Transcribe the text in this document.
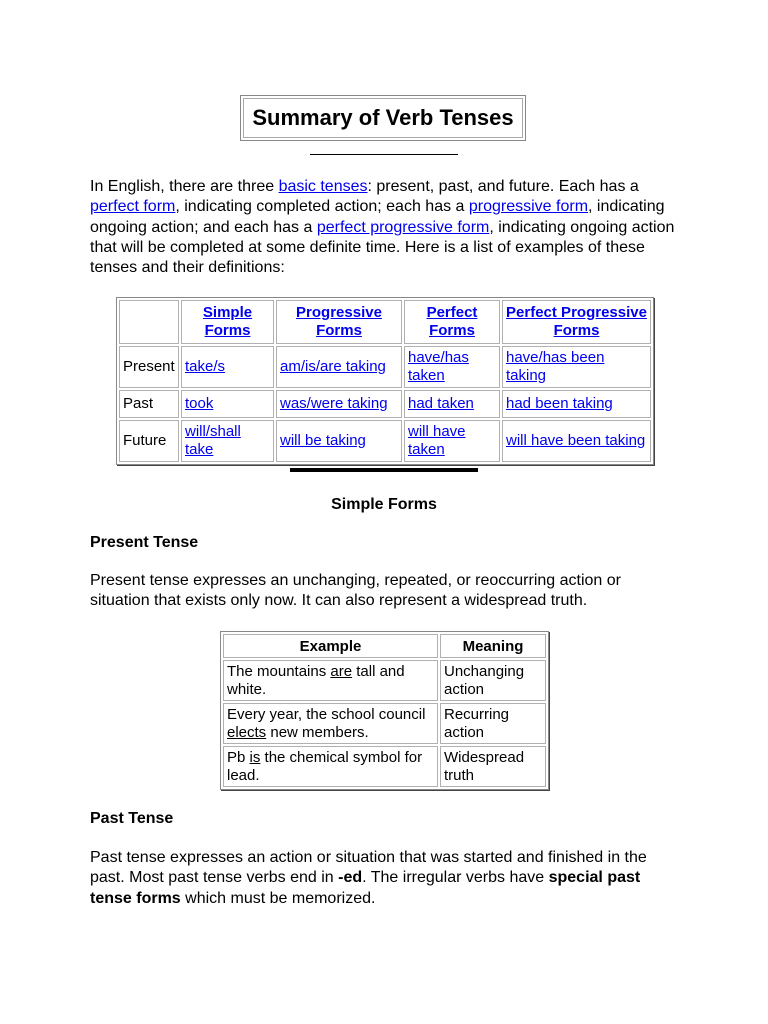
Summary of Verb Tenses

In English, there are three basic tenses: present, past, and future. Each has a perfect form, indicating completed action; each has a progressive form, indicating ongoing action; and each has a perfect progressive form, indicating ongoing action that will be completed at some definite time. Here is a list of examples of these tenses and their definitions:

	Simple Forms	Progressive Forms	Perfect Forms	Perfect Progressive Forms
Present	take/s	am/is/are taking	have/has taken	have/has been taking
Past	took	was/were taking	had taken	had been taking
Future	will/shall take	will be taking	will have taken	will have been taking

Simple Forms

Present Tense

Present tense expresses an unchanging, repeated, or reoccurring action or situation that exists only now. It can also represent a widespread truth.

Example	Meaning
The mountains are tall and white.	Unchanging action
Every year, the school council elects new members.	Recurring action
Pb is the chemical symbol for lead.	Widespread truth

Past Tense

Past tense expresses an action or situation that was started and finished in the past. Most past tense verbs end in -ed. The irregular verbs have special past tense forms which must be memorized.
